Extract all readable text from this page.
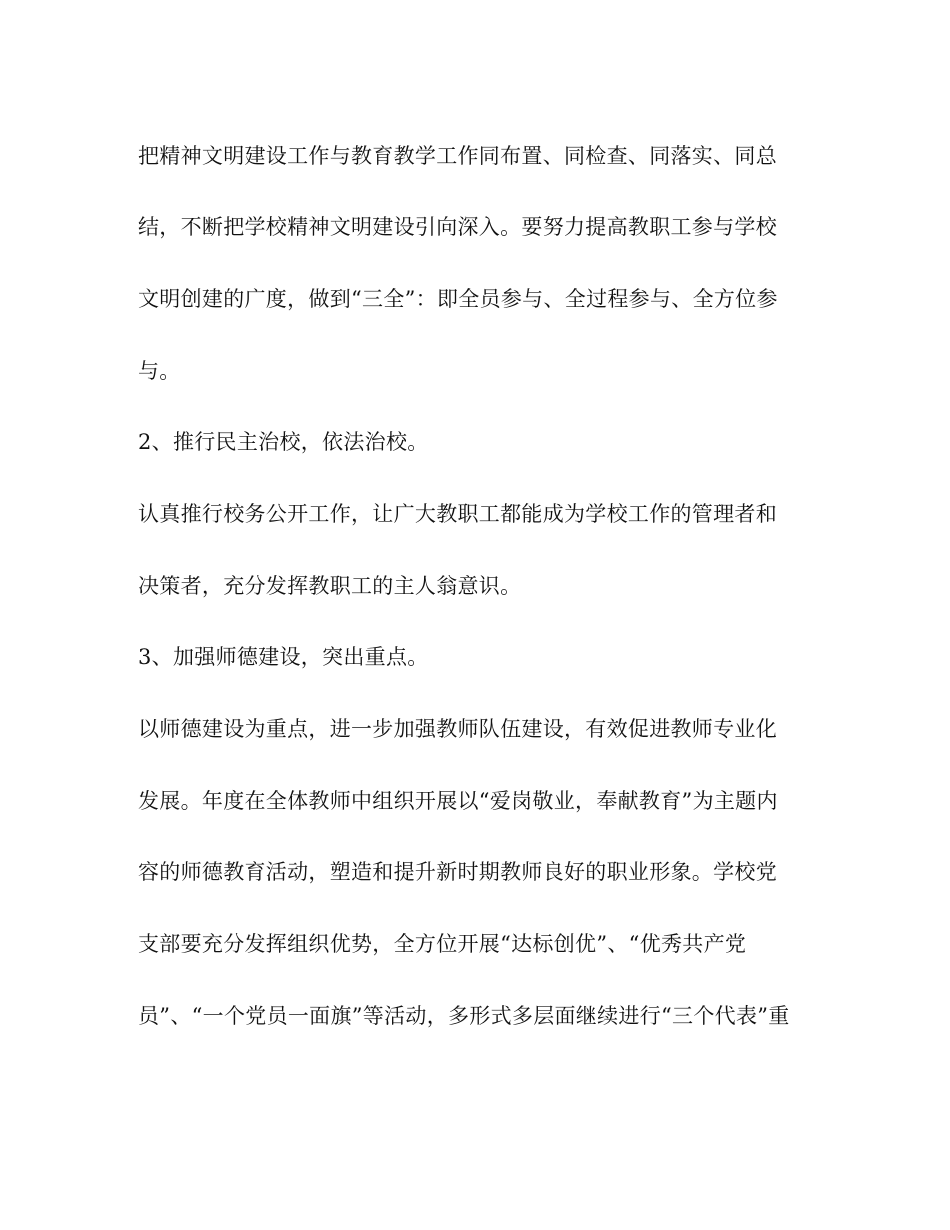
把精神文明建设工作与教育教学工作同布置、同检查、同落实、同总
结，不断把学校精神文明建设引向深入。要努力提高教职工参与学校
文明创建的广度，做到“三全”：即全员参与、全过程参与、全方位参
与。
2、推行民主治校，依法治校。
认真推行校务公开工作，让广大教职工都能成为学校工作的管理者和
决策者，充分发挥教职工的主人翁意识。
3、加强师德建设，突出重点。
以师德建设为重点，进一步加强教师队伍建设，有效促进教师专业化
发展。年度在全体教师中组织开展以“爱岗敬业，奉献教育”为主题内
容的师德教育活动，塑造和提升新时期教师良好的职业形象。学校党
支部要充分发挥组织优势，全方位开展“达标创优”、“优秀共产党
员”、“一个党员一面旗”等活动，多形式多层面继续进行“三个代表”重
